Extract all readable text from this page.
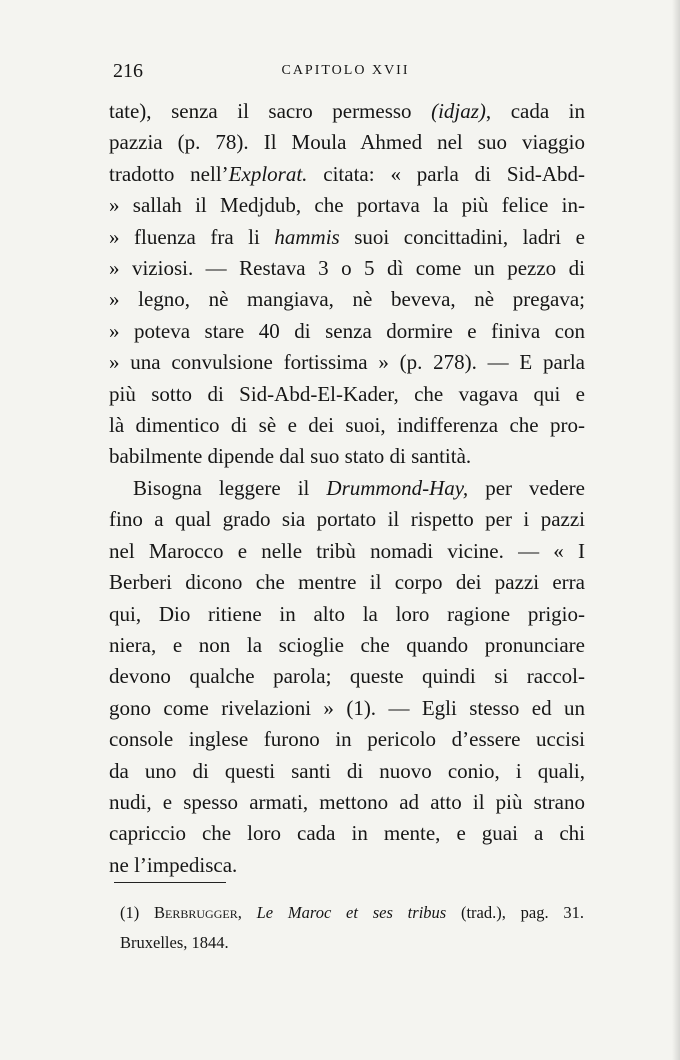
216	CAPITOLO XVII
tate), senza il sacro permesso (idjaz), cada in
pazzia (p. 78). Il Moula Ahmed nel suo viaggio
tradotto nell’Explorat. citata: « parla di Sid-Abd-
» sallah il Medjdub, che portava la più felice in-
» fluenza fra li hammis suoi concittadini, ladri e
» viziosi. — Restava 3 o 5 dì come un pezzo di
» legno, nè mangiava, nè beveva, nè pregava;
» poteva stare 40 di senza dormire e finiva con
» una convulsione fortissima » (p. 278). — E parla
più sotto di Sid-Abd-El-Kader, che vagava qui e
là dimentico di sè e dei suoi, indifferenza che pro-
babilmente dipende dal suo stato di santità.
Bisogna leggere il Drummond-Hay, per vedere
fino a qual grado sia portato il rispetto per i pazzi
nel Marocco e nelle tribù nomadi vicine. — « I
Berberi dicono che mentre il corpo dei pazzi erra
qui, Dio ritiene in alto la loro ragione prigio-
niera, e non la scioglie che quando pronunciare
devono qualche parola; queste quindi si raccol-
gono come rivelazioni » (1). — Egli stesso ed un
console inglese furono in pericolo d’essere uccisi
da uno di questi santi di nuovo conio, i quali,
nudi, e spesso armati, mettono ad atto il più strano
capriccio che loro cada in mente, e guai a chi
ne l’impedisca.
(1) Berbrugger, Le Maroc et ses tribus (trad.), pag. 31.
Bruxelles, 1844.
